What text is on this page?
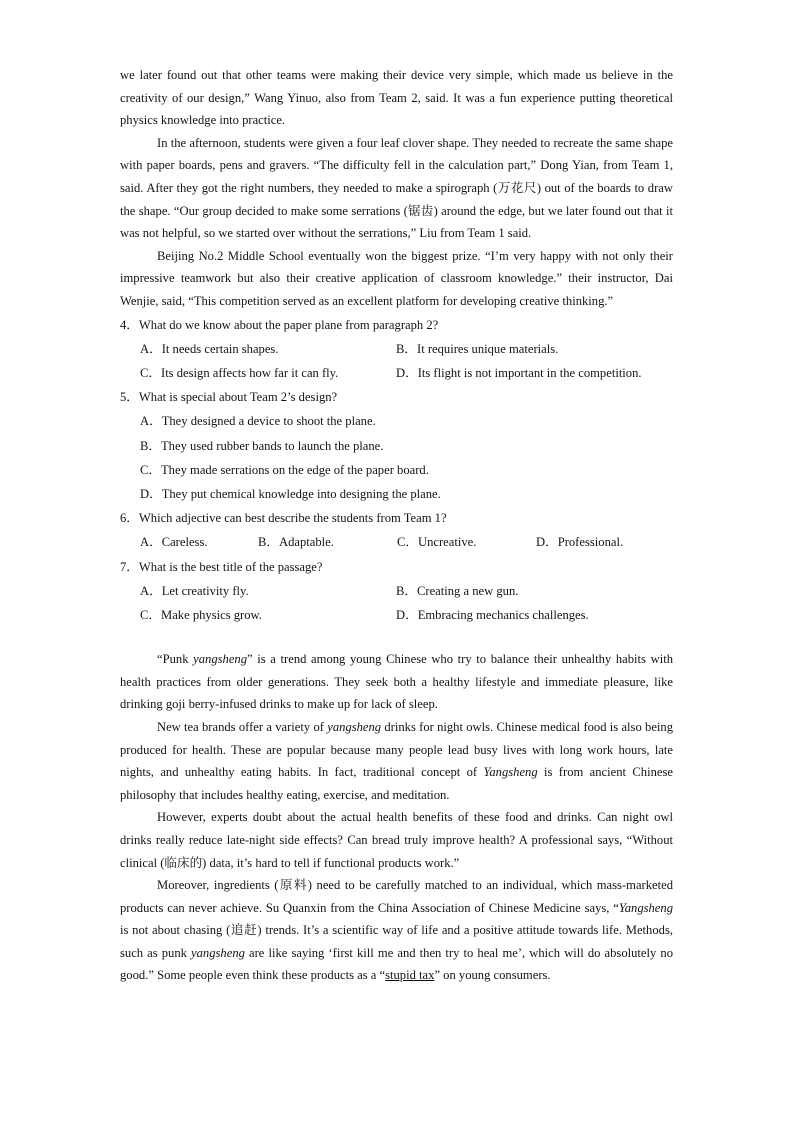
we later found out that other teams were making their device very simple, which made us believe in the creativity of our design,” Wang Yinuo, also from Team 2, said. It was a fun experience putting theoretical physics knowledge into practice.

In the afternoon, students were given a four leaf clover shape. They needed to recreate the same shape with paper boards, pens and gravers. “The difficulty fell in the calculation part,” Dong Yian, from Team 1, said. After they got the right numbers, they needed to make a spirograph (万花尺) out of the boards to draw the shape. “Our group decided to make some serrations (锯齿) around the edge, but we later found out that it was not helpful, so we started over without the serrations,” Liu from Team 1 said.

Beijing No.2 Middle School eventually won the biggest prize. “I’m very happy with not only their impressive teamwork but also their creative application of classroom knowledge.” their instructor, Dai Wenjie, said, “This competition served as an excellent platform for developing creative thinking.”

4．What do we know about the paper plane from paragraph 2?

A．It needs certain shapes.	B．It requires unique materials.
C．Its design affects how far it can fly.	D．Its flight is not important in the competition.

5．What is special about Team 2’s design?

A．They designed a device to shoot the plane.
B．They used rubber bands to launch the plane.
C．They made serrations on the edge of the paper board.
D．They put chemical knowledge into designing the plane.

6．Which adjective can best describe the students from Team 1?

A．Careless.	B．Adaptable.	C．Uncreative.	D．Professional.

7．What is the best title of the passage?

A．Let creativity fly.	B．Creating a new gun.
C．Make physics grow.	D．Embracing mechanics challenges.

“Punk yangsheng” is a trend among young Chinese who try to balance their unhealthy habits with health practices from older generations. They seek both a healthy lifestyle and immediate pleasure, like drinking goji berry-infused drinks to make up for lack of sleep.

New tea brands offer a variety of yangsheng drinks for night owls. Chinese medical food is also being produced for health. These are popular because many people lead busy lives with long work hours, late nights, and unhealthy eating habits. In fact, traditional concept of Yangsheng is from ancient Chinese philosophy that includes healthy eating, exercise, and meditation.

However, experts doubt about the actual health benefits of these food and drinks. Can night owl drinks really reduce late-night side effects? Can bread truly improve health? A professional says, “Without clinical (临床的) data, it’s hard to tell if functional products work.”

Moreover, ingredients (原料) need to be carefully matched to an individual, which mass-marketed products can never achieve. Su Quanxin from the China Association of Chinese Medicine says, “Yangsheng is not about chasing (追赶) trends. It’s a scientific way of life and a positive attitude towards life. Methods, such as punk yangsheng are like saying ‘first kill me and then try to heal me’, which will do absolutely no good.” Some people even think these products as a “stupid tax” on young consumers.
